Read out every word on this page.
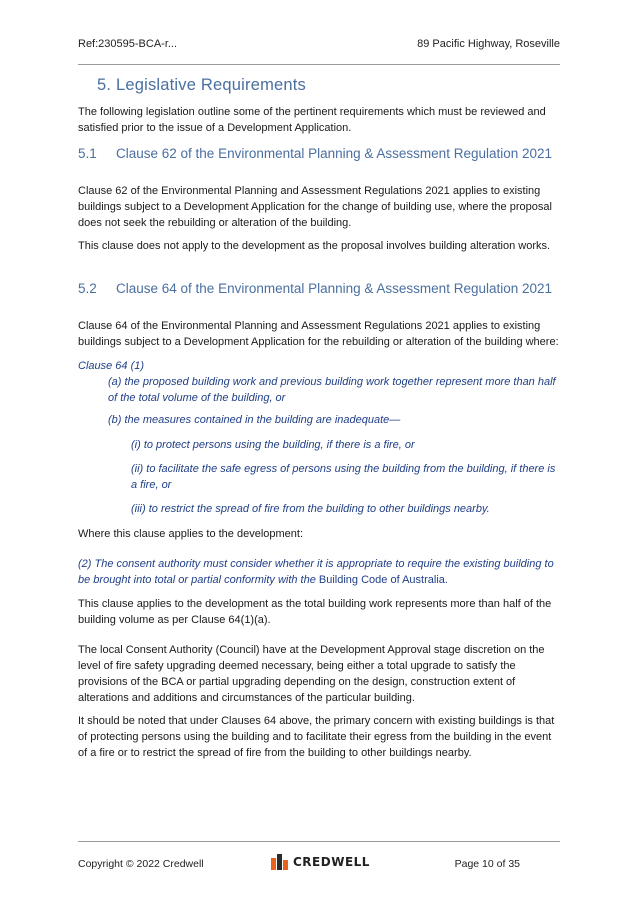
Ref:230595-BCA-r...	89 Pacific Highway, Roseville
5. Legislative Requirements
The following legislation outline some of the pertinent requirements which must be reviewed and satisfied prior to the issue of a Development Application.
5.1 Clause 62 of the Environmental Planning & Assessment Regulation 2021
Clause 62 of the Environmental Planning and Assessment Regulations 2021 applies to existing buildings subject to a Development Application for the change of building use, where the proposal does not seek the rebuilding or alteration of the building.
This clause does not apply to the development as the proposal involves building alteration works.
5.2 Clause 64 of the Environmental Planning & Assessment Regulation 2021
Clause 64 of the Environmental Planning and Assessment Regulations 2021 applies to existing buildings subject to a Development Application for the rebuilding or alteration of the building where:
Clause 64 (1)
(a) the proposed building work and previous building work together represent more than half of the total volume of the building, or
(b) the measures contained in the building are inadequate—
(i) to protect persons using the building, if there is a fire, or
(ii) to facilitate the safe egress of persons using the building from the building, if there is a fire, or
(iii) to restrict the spread of fire from the building to other buildings nearby.
Where this clause applies to the development:
(2) The consent authority must consider whether it is appropriate to require the existing building to be brought into total or partial conformity with the Building Code of Australia.
This clause applies to the development as the total building work represents more than half of the building volume as per Clause 64(1)(a).
The local Consent Authority (Council) have at the Development Approval stage discretion on the level of fire safety upgrading deemed necessary, being either a total upgrade to satisfy the provisions of the BCA or partial upgrading depending on the design, construction extent of alterations and additions and circumstances of the particular building.
It should be noted that under Clauses 64 above, the primary concern with existing buildings is that of protecting persons using the building and to facilitate their egress from the building in the event of a fire or to restrict the spread of fire from the building to other buildings nearby.
Copyright © 2022 Credwell	CREDWELL	Page 10 of 35
